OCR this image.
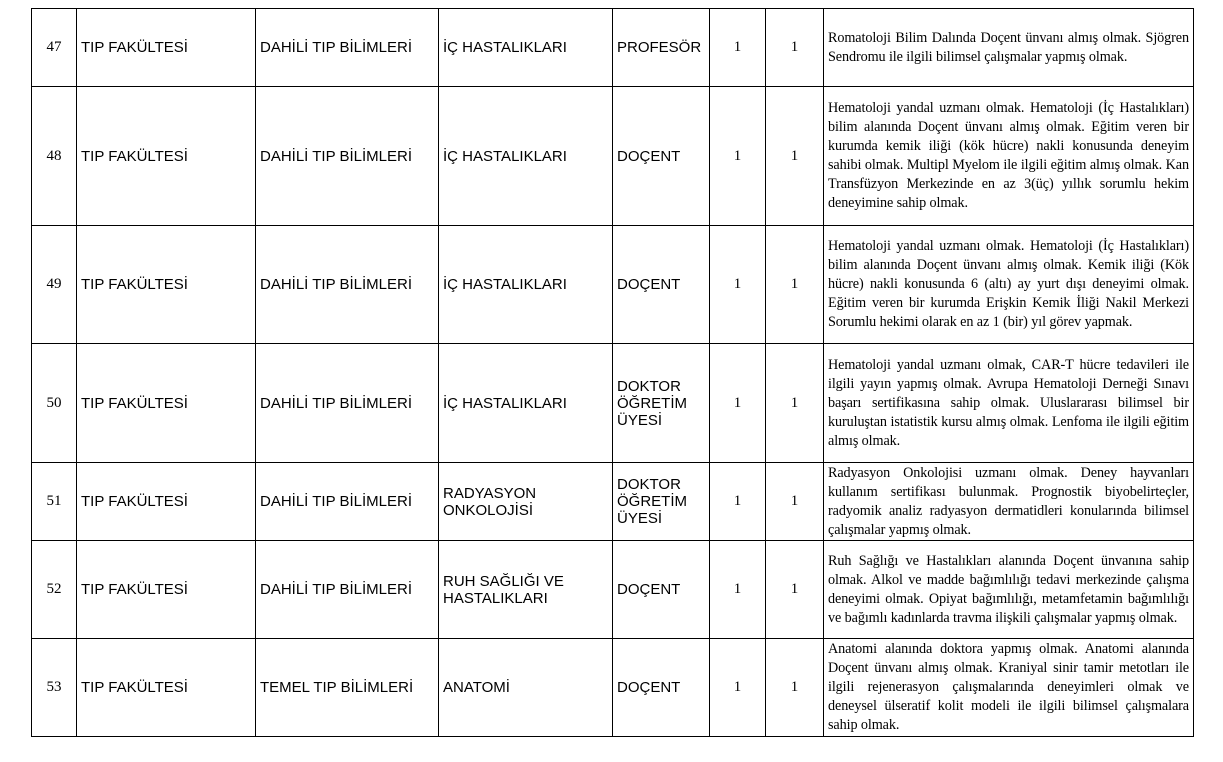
47	TIP FAKÜLTESİ	DAHİLİ TIP BİLİMLERİ	İÇ HASTALIKLARI	PROFESÖR	1	1	Romatoloji Bilim Dalında Doçent ünvanı almış olmak. Sjögren Sendromu ile ilgili bilimsel çalışmalar yapmış olmak.
48	TIP FAKÜLTESİ	DAHİLİ TIP BİLİMLERİ	İÇ HASTALIKLARI	DOÇENT	1	1	Hematoloji yandal uzmanı olmak. Hematoloji (İç Hastalıkları) bilim alanında Doçent ünvanı almış olmak. Eğitim veren bir kurumda kemik iliği (kök hücre) nakli konusunda deneyim sahibi olmak. Multipl Myelom ile ilgili eğitim almış olmak. Kan Transfüzyon Merkezinde en az 3(üç) yıllık sorumlu hekim deneyimine sahip olmak.
49	TIP FAKÜLTESİ	DAHİLİ TIP BİLİMLERİ	İÇ HASTALIKLARI	DOÇENT	1	1	Hematoloji yandal uzmanı olmak. Hematoloji (İç Hastalıkları) bilim alanında Doçent ünvanı almış olmak. Kemik iliği (Kök hücre) nakli konusunda 6 (altı) ay yurt dışı deneyimi olmak. Eğitim veren bir kurumda Erişkin Kemik İliği Nakil Merkezi Sorumlu hekimi olarak en az 1 (bir) yıl görev yapmak.
50	TIP FAKÜLTESİ	DAHİLİ TIP BİLİMLERİ	İÇ HASTALIKLARI	DOKTOR ÖĞRETİM ÜYESİ	1	1	Hematoloji yandal uzmanı olmak, CAR-T hücre tedavileri ile ilgili yayın yapmış olmak. Avrupa Hematoloji Derneği Sınavı başarı sertifikasına sahip olmak. Uluslararası bilimsel bir kuruluştan istatistik kursu almış olmak. Lenfoma ile ilgili eğitim almış olmak.
51	TIP FAKÜLTESİ	DAHİLİ TIP BİLİMLERİ	RADYASYON ONKOLOJİSİ	DOKTOR ÖĞRETİM ÜYESİ	1	1	Radyasyon Onkolojisi uzmanı olmak. Deney hayvanları kullanım sertifikası bulunmak. Prognostik biyobelirteçler, radyomik analiz radyasyon dermatidleri konularında bilimsel çalışmalar yapmış olmak.
52	TIP FAKÜLTESİ	DAHİLİ TIP BİLİMLERİ	RUH SAĞLIĞI VE HASTALIKLARI	DOÇENT	1	1	Ruh Sağlığı ve Hastalıkları alanında Doçent ünvanına sahip olmak. Alkol ve madde bağımlılığı tedavi merkezinde çalışma deneyimi olmak. Opiyat bağımlılığı, metamfetamin bağımlılığı ve bağımlı kadınlarda travma ilişkili çalışmalar yapmış olmak.
53	TIP FAKÜLTESİ	TEMEL TIP BİLİMLERİ	ANATOMİ	DOÇENT	1	1	Anatomi alanında doktora yapmış olmak. Anatomi alanında Doçent ünvanı almış olmak. Kraniyal sinir tamir metotları ile ilgili rejenerasyon çalışmalarında deneyimleri olmak ve deneysel ülseratif kolit modeli ile ilgili bilimsel çalışmalara sahip olmak.
